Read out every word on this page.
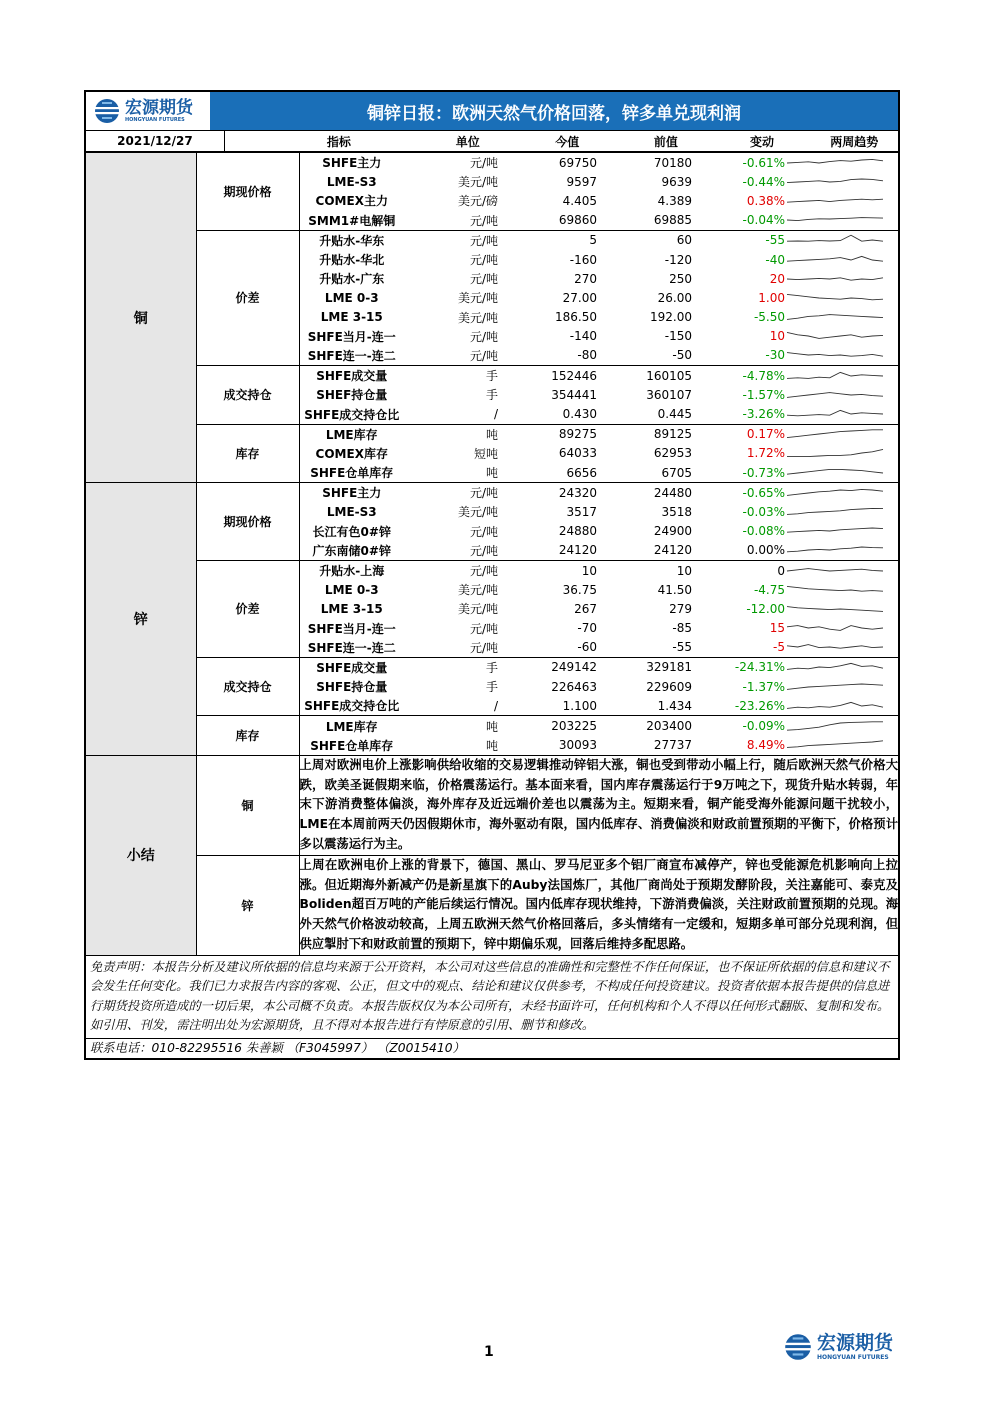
宏源期货
HONGYUAN FUTURES	铜锌日报：欧洲天然气价格回落，锌多单兑现利润
2021/12/27	指标	单位	今值	前值	变动	两周趋势
铜	期现价格	SHFE主力	元/吨	69750	70180	-0.61%	

		LME-S3	美元/吨	9597	9639	-0.44%	

		COMEX主力	美元/磅	4.405	4.389	0.38%	

		SMM1#电解铜	元/吨	69860	69885	-0.04%	

	价差	升贴水-华东	元/吨	5	60	-55	

		升贴水-华北	元/吨	-160	-120	-40	

		升贴水-广东	元/吨	270	250	20	

		LME 0-3	美元/吨	27.00	26.00	1.00	

		LME 3-15	美元/吨	186.50	192.00	-5.50	

		SHFE当月-连一	元/吨	-140	-150	10	

		SHFE连一-连二	元/吨	-80	-50	-30	

	成交持仓	SHFE成交量	手	152446	160105	-4.78%	

		SHEF持仓量	手	354441	360107	-1.57%	

		SHFE成交持仓比	/	0.430	0.445	-3.26%	

	库存	LME库存	吨	89275	89125	0.17%	

		COMEX库存	短吨	64033	62953	1.72%	

		SHFE仓单库存	吨	6656	6705	-0.73%	

锌	期现价格	SHFE主力	元/吨	24320	24480	-0.65%	

		LME-S3	美元/吨	3517	3518	-0.03%	

		长江有色0#锌	元/吨	24880	24900	-0.08%	

		广东南储0#锌	元/吨	24120	24120	0.00%	

	价差	升贴水-上海	元/吨	10	10	0	

		LME 0-3	美元/吨	36.75	41.50	-4.75	

		LME 3-15	美元/吨	267	279	-12.00	

		SHFE当月-连一	元/吨	-70	-85	15	

		SHFE连一-连二	元/吨	-60	-55	-5	

	成交持仓	SHFE成交量	手	249142	329181	-24.31%	

		SHFE持仓量	手	226463	229609	-1.37%	

		SHFE成交持仓比	/	1.100	1.434	-23.26%	

	库存	LME库存	吨	203225	203400	-0.09%	

		SHFE仓单库存	吨	30093	27737	8.49%	
小结	铜	上周对欧洲电价上涨影响供给收缩的交易逻辑推动锌铝大涨，铜也受到带动小幅上行，随后欧洲天然气价格大跌，欧美圣诞假期来临，价格震荡运行。基本面来看，国内库存震荡运行于9万吨之下，现货升贴水转弱，年末下游消费整体偏淡，海外库存及近远端价差也以震荡为主。短期来看，铜产能受海外能源问题干扰较小，LME在本周前两天仍因假期休市，海外驱动有限，国内低库存、消费偏淡和财政前置预期的平衡下，价格预计多以震荡运行为主。
	锌	上周在欧洲电价上涨的背景下，德国、黑山、罗马尼亚多个铝厂商宣布减停产，锌也受能源危机影响向上拉涨。但近期海外新减产仍是新星旗下的Auby法国炼厂，其他厂商尚处于预期发酵阶段，关注嘉能可、泰克及Boliden超百万吨的产能后续运行情况。国内低库存现状维持，下游消费偏淡，关注财政前置预期的兑现。海外天然气价格波动较高，上周五欧洲天然气价格回落后，多头情绪有一定缓和，短期多单可部分兑现利润，但供应掣肘下和财政前置的预期下，锌中期偏乐观，回落后维持多配思路。
免责声明：本报告分析及建议所依据的信息均来源于公开资料，本公司对这些信息的准确性和完整性不作任何保证，也不保证所依据的信息和建议不会发生任何变化。我们已力求报告内容的客观、公正，但文中的观点、结论和建议仅供参考，不构成任何投资建议。投资者依据本报告提供的信息进行期货投资所造成的一切后果，本公司概不负责。本报告版权仅为本公司所有，未经书面许可，任何机构和个人不得以任何形式翻版、复制和发布。如引用、刊发，需注明出处为宏源期货，且不得对本报告进行有悖原意的引用、删节和修改。
联系电话：010-82295516 朱善颖 （F3045997） （Z0015410）
1	宏源期货
HONGYUAN FUTURES
